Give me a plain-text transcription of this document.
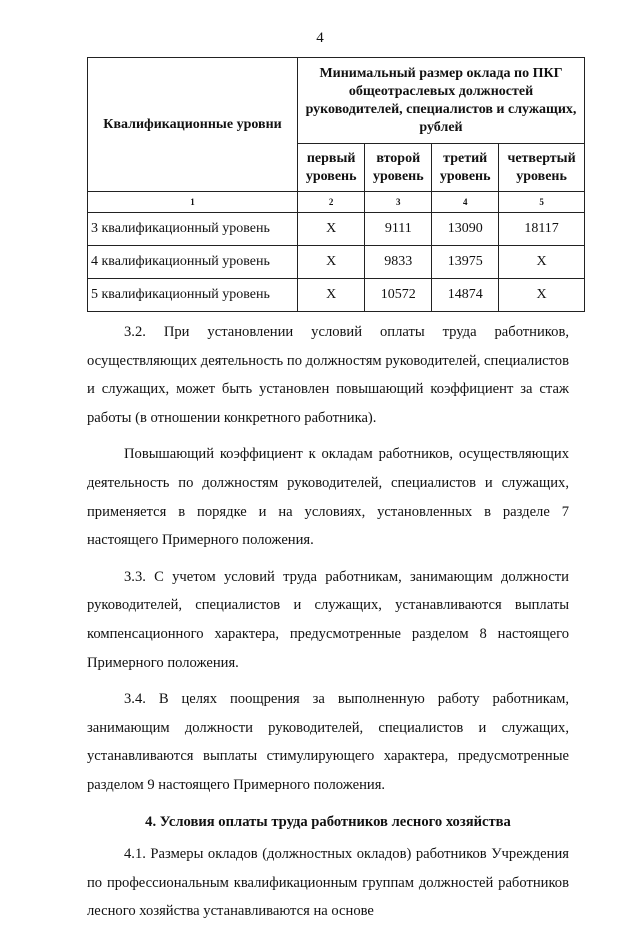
4
Квалификационные уровни	Минимальный размер оклада по ПКГ общеотраслевых должностей руководителей, специалистов и служащих, рублей			
	первый уровень	второй уровень	третий уровень	четвертый уровень
1	2	3	4	5
3 квалификационный уровень	Х	9111	13090	18117
4 квалификационный уровень	Х	9833	13975	Х
5 квалификационный уровень	Х	10572	14874	Х

3.2. При установлении условий оплаты труда работников, осуществляющих деятельность по должностям руководителей, специалистов и служащих, может быть установлен повышающий коэффициент за стаж работы (в отношении конкретного работника).

Повышающий коэффициент к окладам работников, осуществляющих деятельность по должностям руководителей, специалистов и служащих, применяется в порядке и на условиях, установленных в разделе 7 настоящего Примерного положения.

3.3. С учетом условий труда работникам, занимающим должности руководителей, специалистов и служащих, устанавливаются выплаты компенсационного характера, предусмотренные разделом 8 настоящего Примерного положения.

3.4. В целях поощрения за выполненную работу работникам, занимающим должности руководителей, специалистов и служащих, устанавливаются выплаты стимулирующего характера, предусмотренные разделом 9 настоящего Примерного положения.

4. Условия оплаты труда работников лесного хозяйства

4.1. Размеры окладов (должностных окладов) работников Учреждения по профессиональным квалификационным группам должностей работников лесного хозяйства устанавливаются на основе
